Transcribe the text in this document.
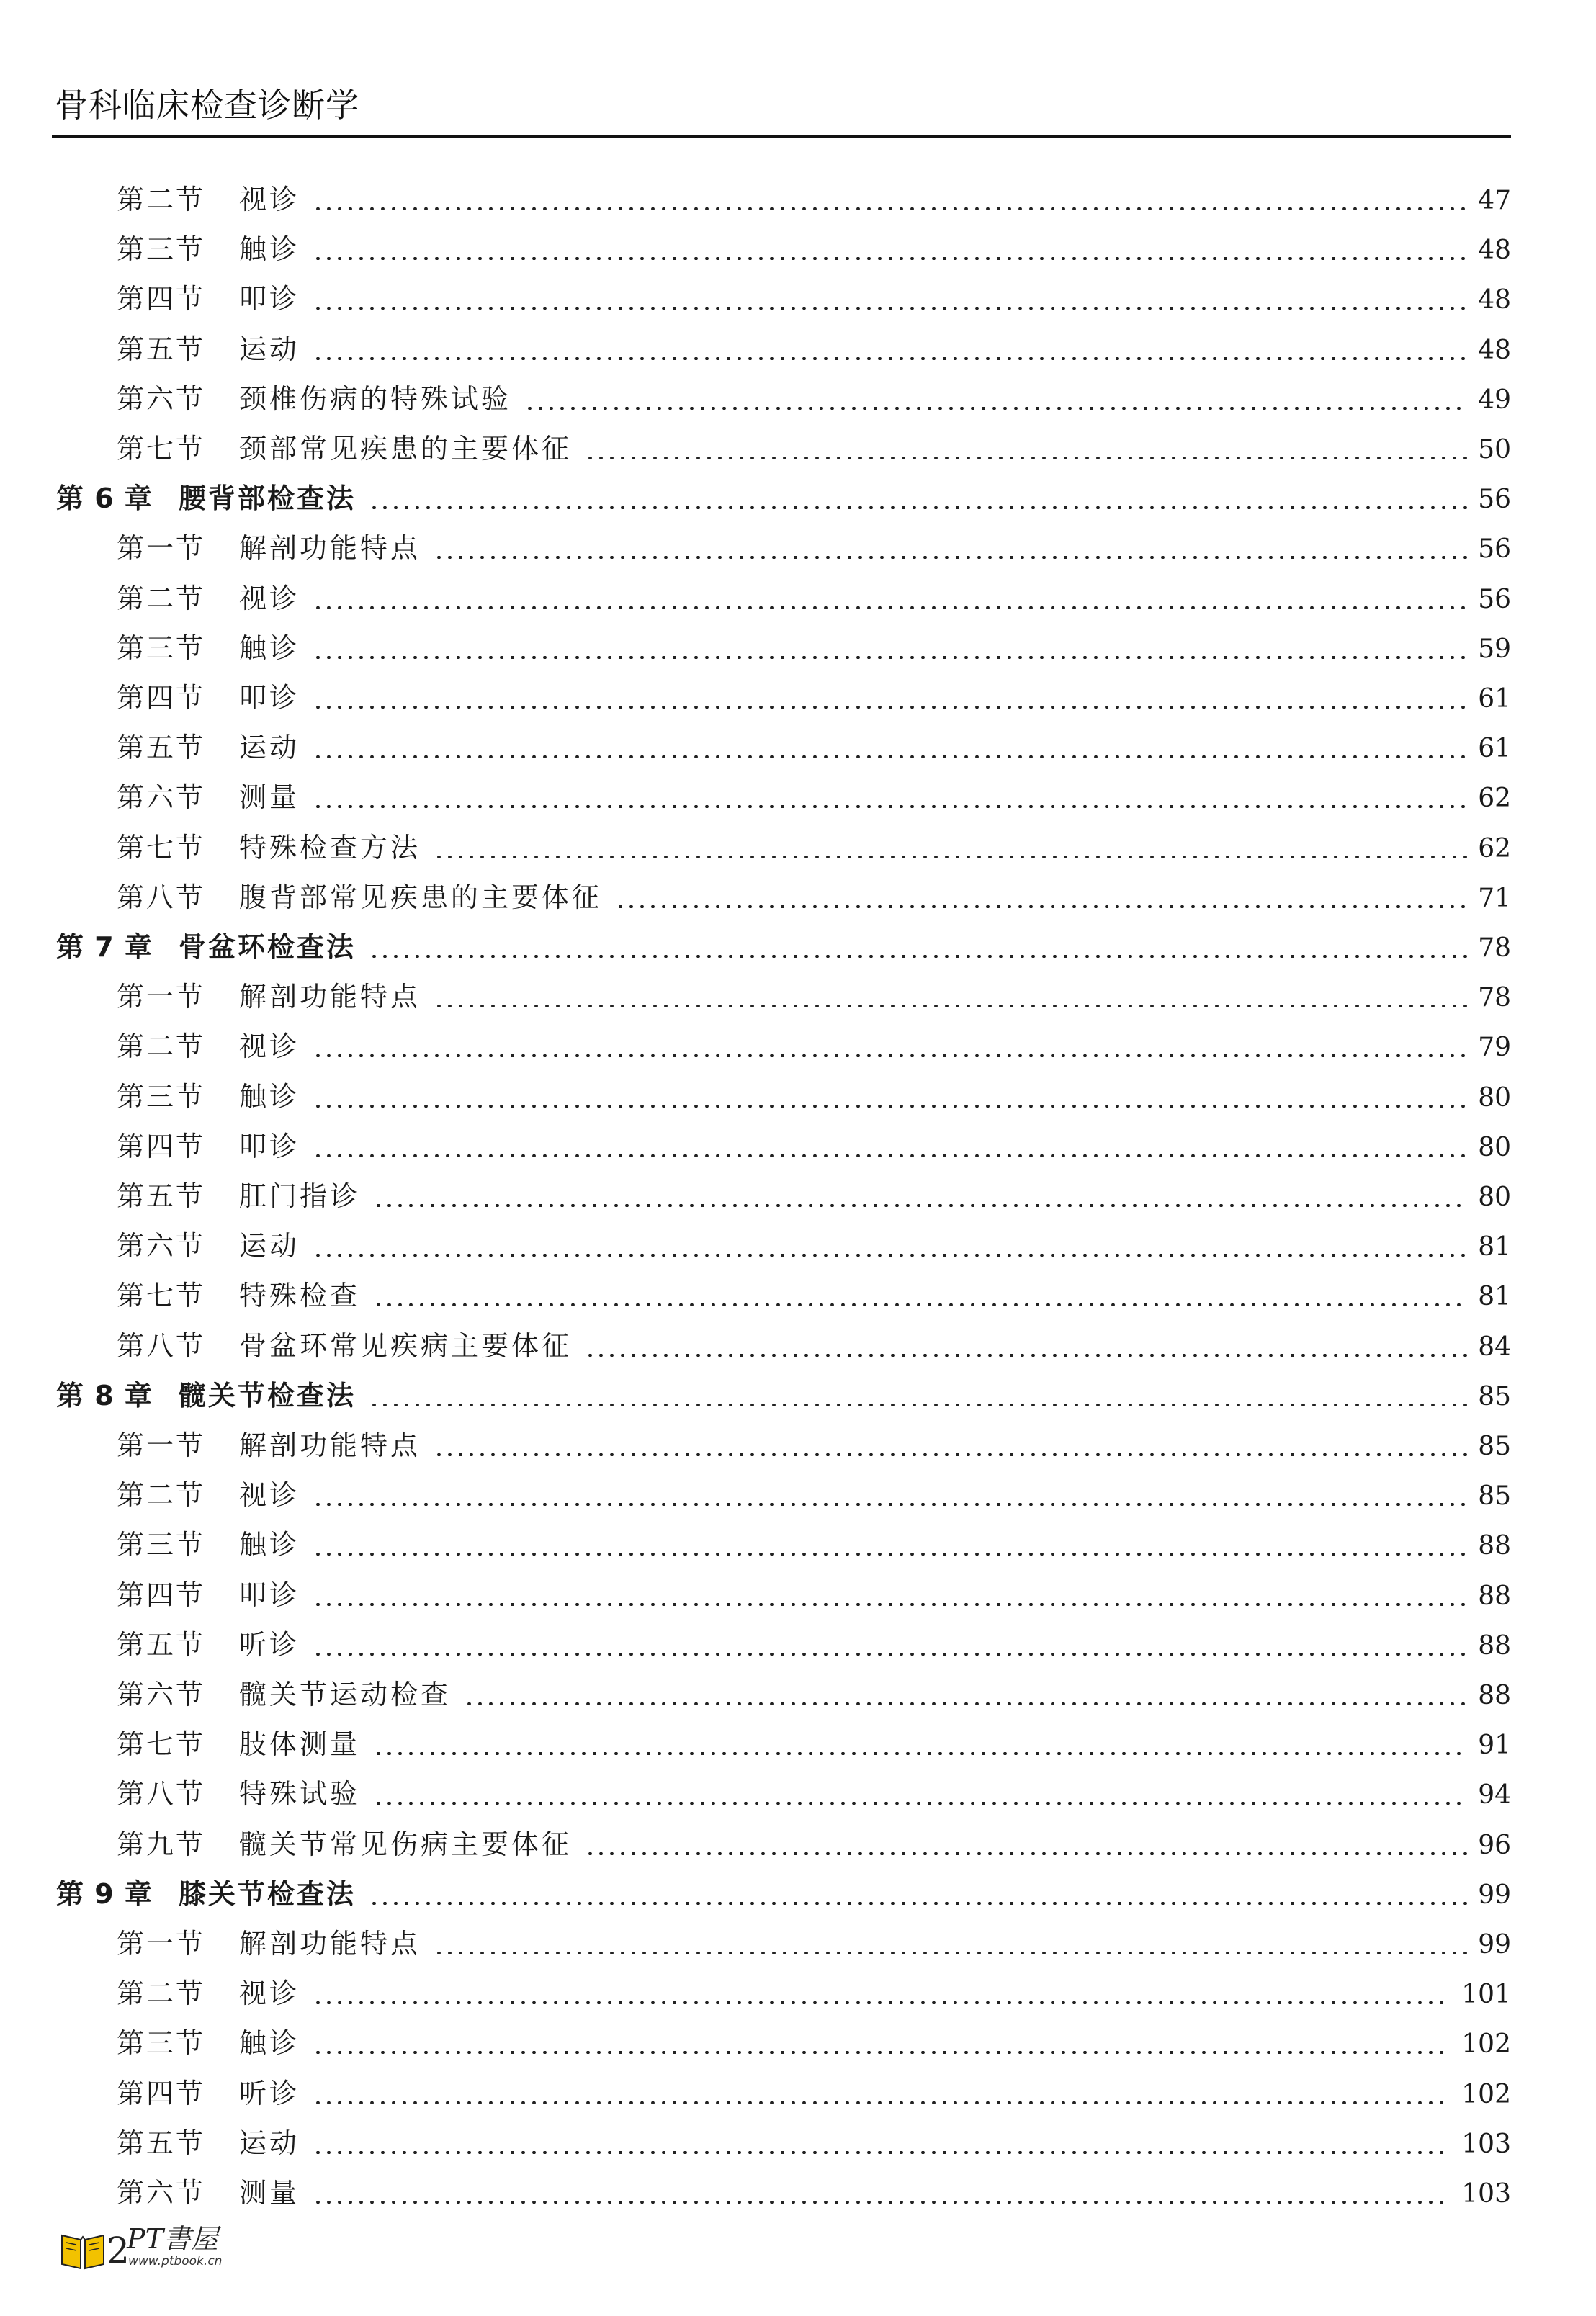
骨科临床检查诊断学
第二节	视诊	47
第三节	触诊	48
第四节	叩诊	48
第五节	运动	48
第六节	颈椎伤病的特殊试验	49
第七节	颈部常见疾患的主要体征	50
第 6 章 腰背部检查法	56
第一节	解剖功能特点	56
第二节	视诊	56
第三节	触诊	59
第四节	叩诊	61
第五节	运动	61
第六节	测量	62
第七节	特殊检查方法	62
第八节	腹背部常见疾患的主要体征	71
第 7 章 骨盆环检查法	78
第一节	解剖功能特点	78
第二节	视诊	79
第三节	触诊	80
第四节	叩诊	80
第五节	肛门指诊	80
第六节	运动	81
第七节	特殊检查	81
第八节	骨盆环常见疾病主要体征	84
第 8 章 髋关节检查法	85
第一节	解剖功能特点	85
第二节	视诊	85
第三节	触诊	88
第四节	叩诊	88
第五节	听诊	88
第六节	髋关节运动检查	88
第七节	肢体测量	91
第八节	特殊试验	94
第九节	髋关节常见伤病主要体征	96
第 9 章 膝关节检查法	99
第一节	解剖功能特点	99
第二节	视诊	101
第三节	触诊	102
第四节	听诊	102
第五节	运动	103
第六节	测量	103
2
PT書屋
www.ptbook.cn
